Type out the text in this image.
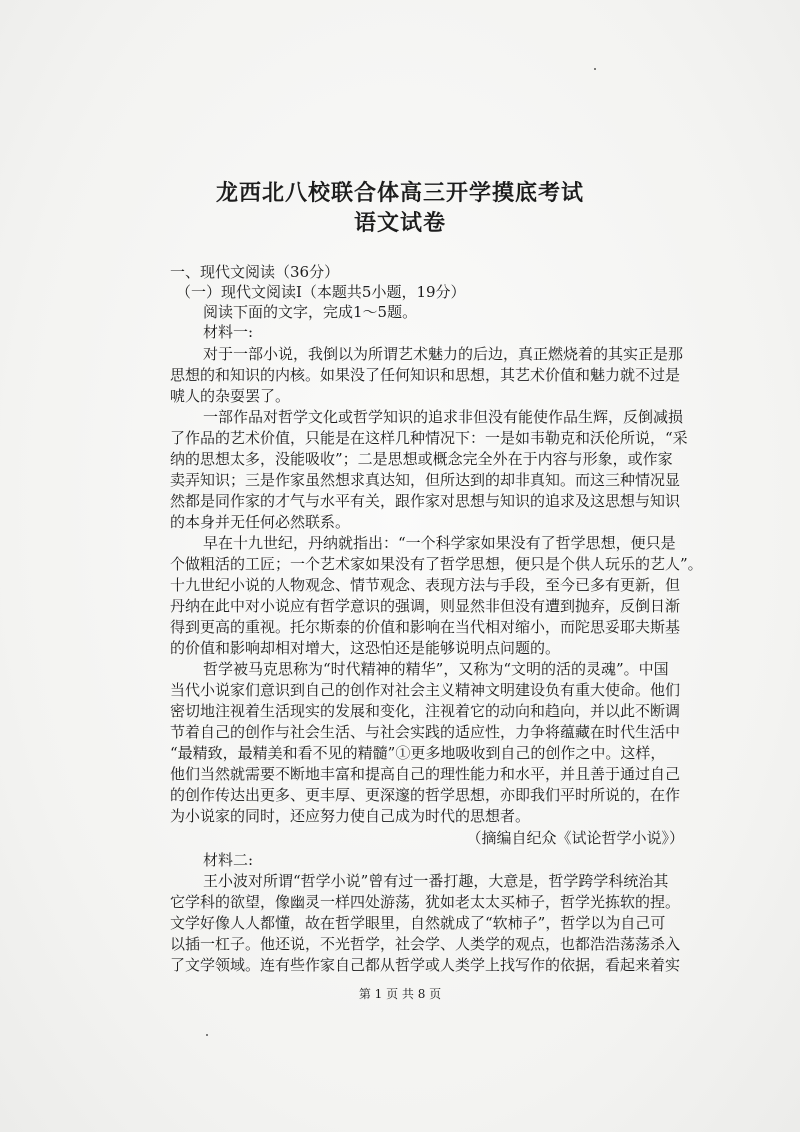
龙西北八校联合体高三开学摸底考试
语文试卷
一、现代文阅读（36分）
（一）现代文阅读Ⅰ（本题共5小题，19分）
阅读下面的文字，完成1～5题。
材料一:
对于一部小说，我倒以为所谓艺术魅力的后边，真正燃烧着的其实正是那
思想的和知识的内核。如果没了任何知识和思想，其艺术价值和魅力就不过是
唬人的杂耍罢了。
一部作品对哲学文化或哲学知识的追求非但没有能使作品生辉，反倒减损
了作品的艺术价值，只能是在这样几种情况下：一是如韦勒克和沃伦所说，“采
纳的思想太多，没能吸收”；二是思想或概念完全外在于内容与形象，或作家
卖弄知识；三是作家虽然想求真达知，但所达到的却非真知。而这三种情况显
然都是同作家的才气与水平有关，跟作家对思想与知识的追求及这思想与知识
的本身并无任何必然联系。
早在十九世纪，丹纳就指出：“一个科学家如果没有了哲学思想，便只是
个做粗活的工匠；一个艺术家如果没有了哲学思想，便只是个供人玩乐的艺人”。
十九世纪小说的人物观念、情节观念、表现方法与手段，至今已多有更新，但
丹纳在此中对小说应有哲学意识的强调，则显然非但没有遭到抛弃，反倒日渐
得到更高的重视。托尔斯泰的价值和影响在当代相对缩小，而陀思妥耶夫斯基
的价值和影响却相对增大，这恐怕还是能够说明点问题的。
哲学被马克思称为“时代精神的精华”，又称为“文明的活的灵魂”。中国
当代小说家们意识到自己的创作对社会主义精神文明建设负有重大使命。他们
密切地注视着生活现实的发展和变化，注视着它的动向和趋向，并以此不断调
节着自己的创作与社会生活、与社会实践的适应性，力争将蕴藏在时代生活中
“最精致，最精美和看不见的精髓”①更多地吸收到自己的创作之中。这样，
他们当然就需要不断地丰富和提高自己的理性能力和水平，并且善于通过自己
的创作传达出更多、更丰厚、更深邃的哲学思想，亦即我们平时所说的，在作
为小说家的同时，还应努力使自己成为时代的思想者。
（摘编自纪众《试论哲学小说》）
材料二:
王小波对所谓“哲学小说”曾有过一番打趣，大意是，哲学跨学科统治其
它学科的欲望，像幽灵一样四处游荡，犹如老太太买柿子，哲学光拣软的捏。
文学好像人人都懂，故在哲学眼里，自然就成了“软柿子”，哲学以为自己可
以插一杠子。他还说，不光哲学，社会学、人类学的观点，也都浩浩荡荡杀入
了文学领域。连有些作家自己都从哲学或人类学上找写作的依据，看起来着实
第 1 页 共 8 页
